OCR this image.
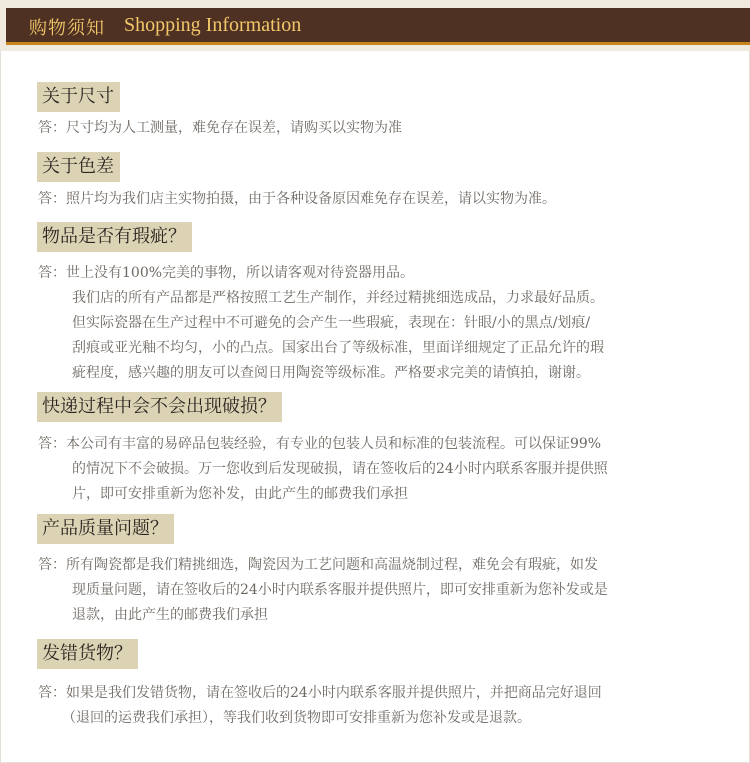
购物须知 Shopping Information
关于尺寸
答：尺寸均为人工测量，难免存在误差，请购买以实物为准
关于色差
答：照片均为我们店主实物拍摄，由于各种设备原因难免存在误差，请以实物为准。
物品是否有瑕疵？
答：世上没有100%完美的事物，所以请客观对待瓷器用品。
我们店的所有产品都是严格按照工艺生产制作，并经过精挑细选成品，力求最好品质。
但实际瓷器在生产过程中不可避免的会产生一些瑕疵，表现在：针眼/小的黑点/划痕/
刮痕或亚光釉不均匀，小的凸点。国家出台了等级标准，里面详细规定了正品允许的瑕
疵程度，感兴趣的朋友可以查阅日用陶瓷等级标准。严格要求完美的请慎拍，谢谢。
快递过程中会不会出现破损？
答：本公司有丰富的易碎品包装经验，有专业的包装人员和标准的包装流程。可以保证99%
的情况下不会破损。万一您收到后发现破损，请在签收后的24小时内联系客服并提供照
片，即可安排重新为您补发，由此产生的邮费我们承担
产品质量问题？
答：所有陶瓷都是我们精挑细选，陶瓷因为工艺问题和高温烧制过程，难免会有瑕疵，如发
现质量问题，请在签收后的24小时内联系客服并提供照片，即可安排重新为您补发或是
退款，由此产生的邮费我们承担
发错货物？
答：如果是我们发错货物，请在签收后的24小时内联系客服并提供照片，并把商品完好退回
（退回的运费我们承担），等我们收到货物即可安排重新为您补发或是退款。
